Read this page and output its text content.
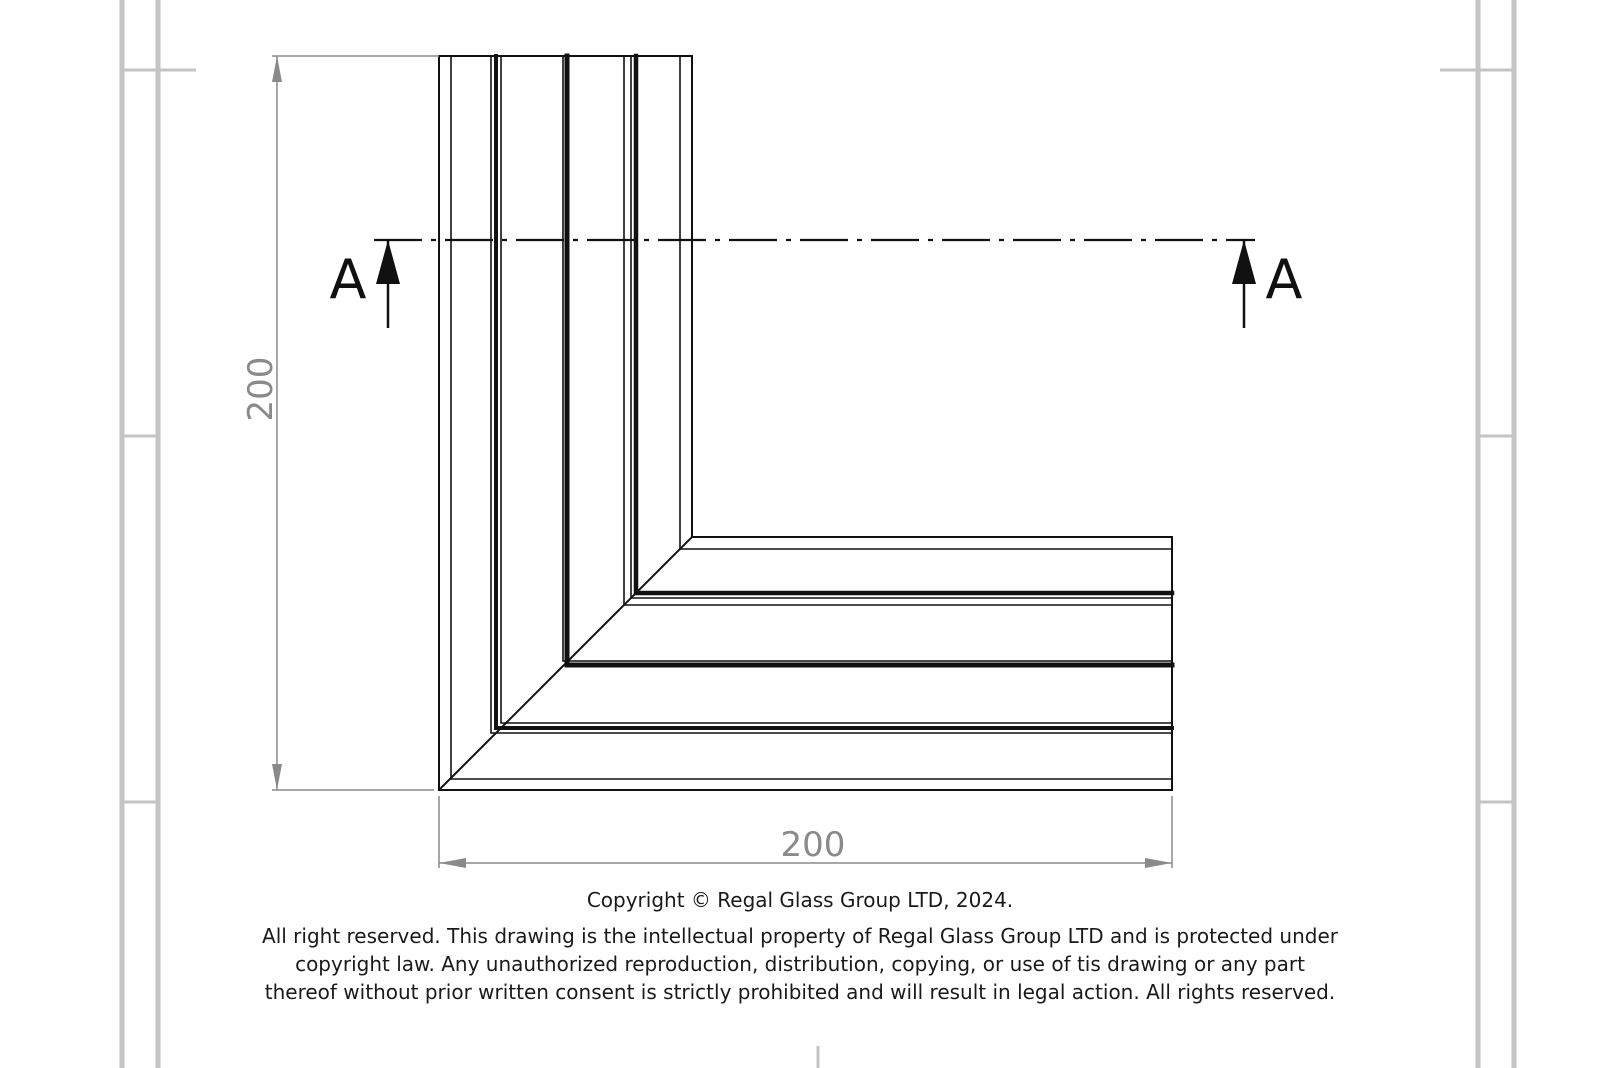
A	A
200
200
Copyright © Regal Glass Group LTD, 2024.
All right reserved. This drawing is the intellectual property of Regal Glass Group LTD and is protected under
copyright law. Any unauthorized reproduction, distribution, copying, or use of tis drawing or any part
thereof without prior written consent is strictly prohibited and will result in legal action. All rights reserved.
